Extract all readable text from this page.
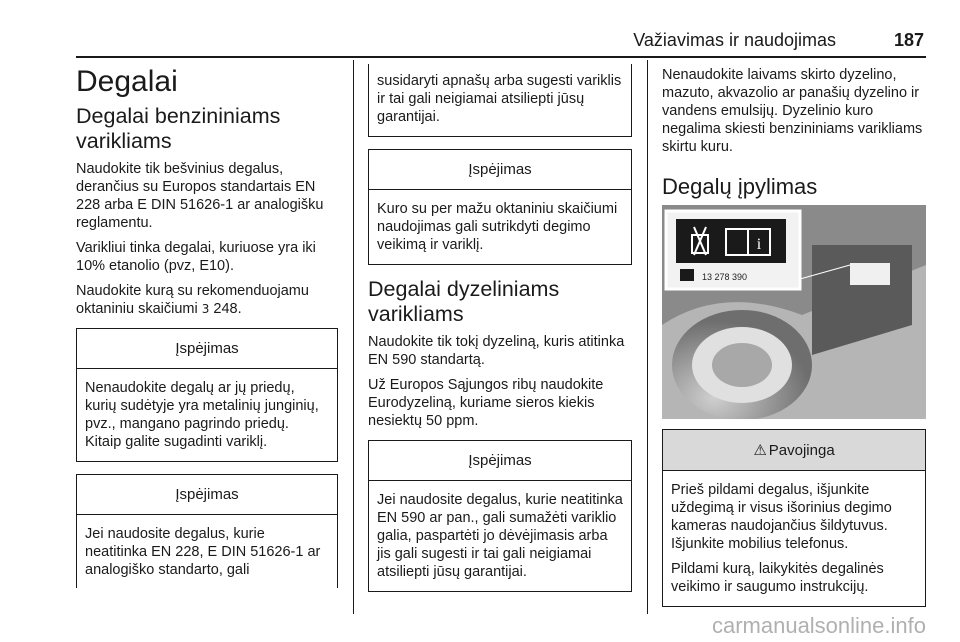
Važiavimas ir naudojimas	187
Degalai
Degalai benzininiams varikliams

Naudokite tik bešvinius degalus, derančius su Europos standartais EN 228 arba E DIN 51626-1 ar analogišku reglamentu.

Varikliui tinka degalai, kuriuose yra iki 10% etanolio (pvz, E10).

Naudokite kurą su rekomenduojamu oktaniniu skaičiumi 3 248.

Įspėjimas
Nenaudokite degalų ar jų priedų, kurių sudėtyje yra metalinių junginių, pvz., mangano pagrindo priedų. Kitaip galite sugadinti variklį.
Įspėjimas
Jei naudosite degalus, kurie neatitinka EN 228, E DIN 51626-1 ar analogiško standarto, gali
susidaryti apnašų arba sugesti variklis ir tai gali neigiamai atsiliepti jūsų garantijai.
Įspėjimas
Kuro su per mažu oktaniniu skaičiumi naudojimas gali sutrikdyti degimo veikimą ir variklį.
Degalai dyzeliniams varikliams

Naudokite tik tokį dyzeliną, kuris atitinka EN 590 standartą.

Už Europos Sąjungos ribų naudokite Eurodyzeliną, kuriame sieros kiekis nesiektų 50 ppm.

Įspėjimas
Jei naudosite degalus, kurie neatitinka EN 590 ar pan., gali sumažėti variklio galia, paspartėti jo dėvėjimasis arba jis gali sugesti ir tai gali neigiamai atsiliepti jūsų garantijai.

Nenaudokite laivams skirto dyzelino, mazuto, akvazolio ar panašių dyzelino ir vandens emulsijų. Dyzelinio kuro negalima skiesti benzininiams varikliams skirtu kuru.

Degalų įpylimas
i
13 278 390
⚠ Pavojinga

Prieš pildami degalus, išjunkite uždegimą ir visus išorinius degimo kameras naudojančius šildytuvus. Išjunkite mobilius telefonus.

Pildami kurą, laikykitės degalinės veikimo ir saugumo instrukcijų.

carmanualsonline.info
